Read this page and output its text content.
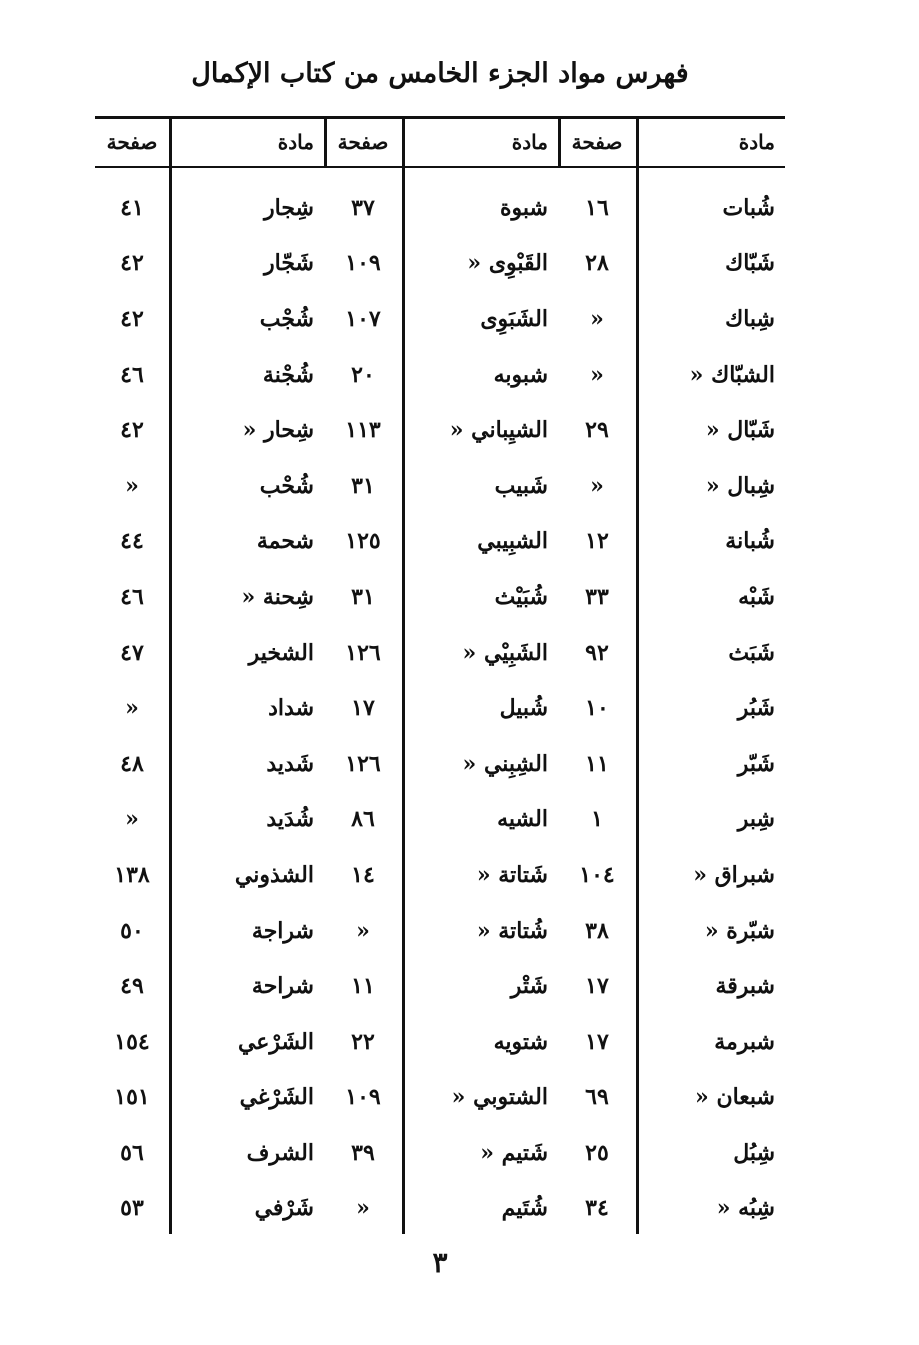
فهرس مواد الجزء الخامس من كتاب الإكمال
مادة	صفحة	مادة	صفحة	مادة	صفحة
شُبات	١٦	شبوة	٣٧	شِجار	٤١
شَبّاك	٢٨	القَبْوِى «	١٠٩	شَجّار	٤٢
شِباك	«	الشَبَوِى	١٠٧	شُجْب	٤٢
الشبّاك «	«	شبوبه	٢٠	شُجْنة	٤٦
شَبّال «	٢٩	الشيِباني «	١١٣	شِحار «	٤٢
شِبال «	«	شَبيب	٣١	شُحْب	«
شُبانة	١٢	الشبِيبي	١٢٥	شحمة	٤٤
شَبْه	٣٣	شُبَيْث	٣١	شِحنة «	٤٦
شَبَث	٩٢	الشَبِيْي «	١٢٦	الشخير	٤٧
شَبُر	١٠	شُبيل	١٧	شداد	«
شَبّر	١١	الشِبِني «	١٢٦	شَديد	٤٨
شِبر	١	الشيه	٨٦	شُدَيد	«
شبراق «	١٠٤	شَتاتة «	١٤	الشذوني	١٣٨
شبّرة «	٣٨	شُتاتة «	«	شراجة	٥٠
شبرقة	١٧	شَتْر	١١	شراحة	٤٩
شبرمة	١٧	شتويه	٢٢	الشَرْعي	١٥٤
شبعان «	٦٩	الشتوبي «	١٠٩	الشَرْغي	١٥١
شِبُل	٢٥	شَتيم «	٣٩	الشرف	٥٦
شِبُه «	٣٤	شُتَيم	«	شَرْفي	٥٣
٣
